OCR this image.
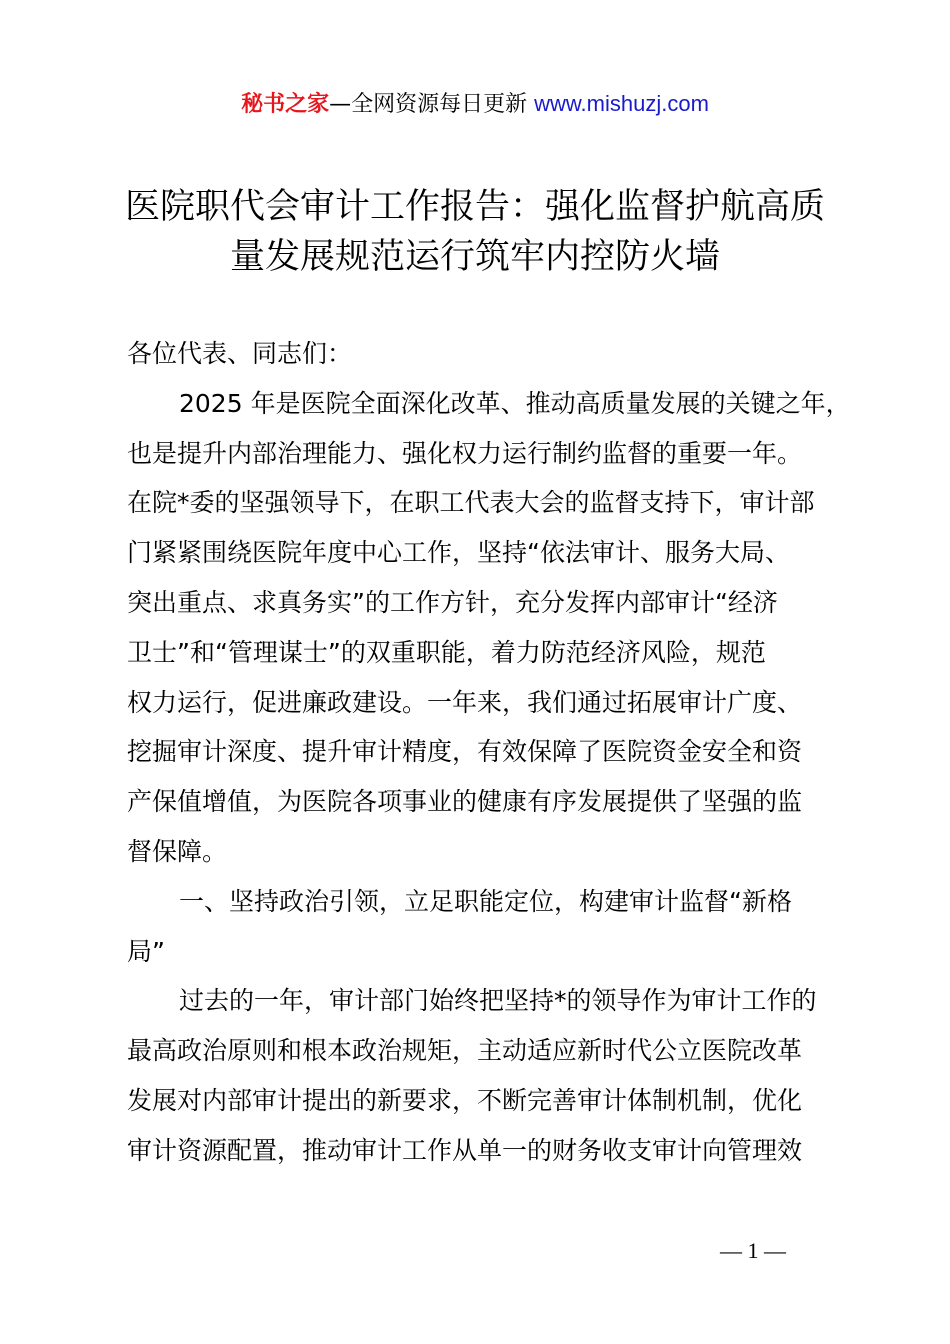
秘书之家—全网资源每日更新 www.mishuzj.com
医院职代会审计工作报告：强化监督护航高质
量发展规范运行筑牢内控防火墙
各位代表、同志们：
2025 年是医院全面深化改革、推动高质量发展的关键之年，
也是提升内部治理能力、强化权力运行制约监督的重要一年。
在院*委的坚强领导下，在职工代表大会的监督支持下，审计部
门紧紧围绕医院年度中心工作，坚持“依法审计、服务大局、
突出重点、求真务实”的工作方针，充分发挥内部审计“经济
卫士”和“管理谋士”的双重职能，着力防范经济风险，规范
权力运行，促进廉政建设。一年来，我们通过拓展审计广度、
挖掘审计深度、提升审计精度，有效保障了医院资金安全和资
产保值增值，为医院各项事业的健康有序发展提供了坚强的监
督保障。
一、坚持政治引领，立足职能定位，构建审计监督“新格
局”
过去的一年，审计部门始终把坚持*的领导作为审计工作的
最高政治原则和根本政治规矩，主动适应新时代公立医院改革
发展对内部审计提出的新要求，不断完善审计体制机制，优化
审计资源配置，推动审计工作从单一的财务收支审计向管理效
— 1 —
